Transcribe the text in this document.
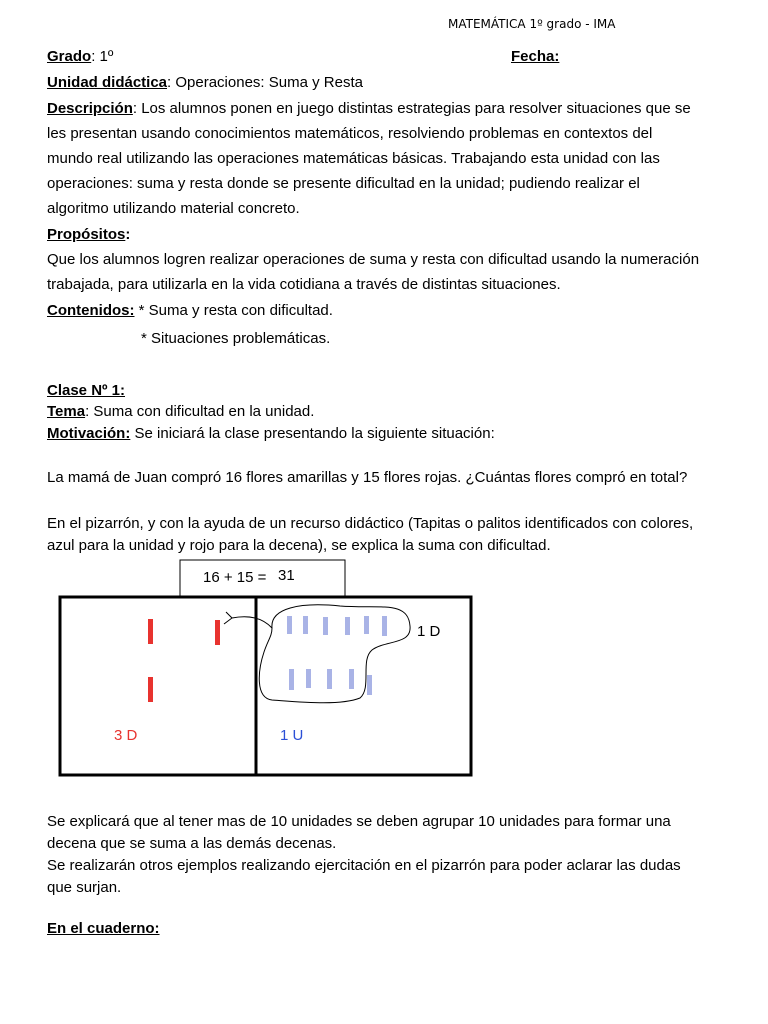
MATEMÁTICA 1º grado - IMA
Grado: 1º	Fecha:
Unidad didáctica: Operaciones: Suma y Resta
Descripción: Los alumnos ponen en juego distintas estrategias para resolver situaciones que se
les presentan usando conocimientos matemáticos, resolviendo problemas en contextos del
mundo real utilizando las operaciones matemáticas básicas. Trabajando esta unidad con las
operaciones: suma y resta donde se presente dificultad en la unidad; pudiendo realizar el
algoritmo utilizando material concreto.
Propósitos:
Que los alumnos logren realizar operaciones de suma y resta con dificultad usando la numeración
trabajada, para utilizarla en la vida cotidiana a través de distintas situaciones.
Contenidos: * Suma y resta con dificultad.
* Situaciones problemáticas.
Clase Nº 1:
Tema: Suma con dificultad en la unidad.
Motivación: Se iniciará la clase presentando la siguiente situación:
La mamá de Juan compró 16 flores amarillas y 15 flores rojas. ¿Cuántas flores compró en total?
En el pizarrón, y con la ayuda de un recurso didáctico (Tapitas o palitos identificados con colores,
azul para la unidad y rojo para la decena), se explica la suma con dificultad.
16 + 15 = 31
3 D
1 D
1 U
Se explicará que al tener mas de 10 unidades se deben agrupar 10 unidades para formar una
decena que se suma a las demás decenas.
Se realizarán otros ejemplos realizando ejercitación en el pizarrón para poder aclarar las dudas
que surjan.
En el cuaderno:
